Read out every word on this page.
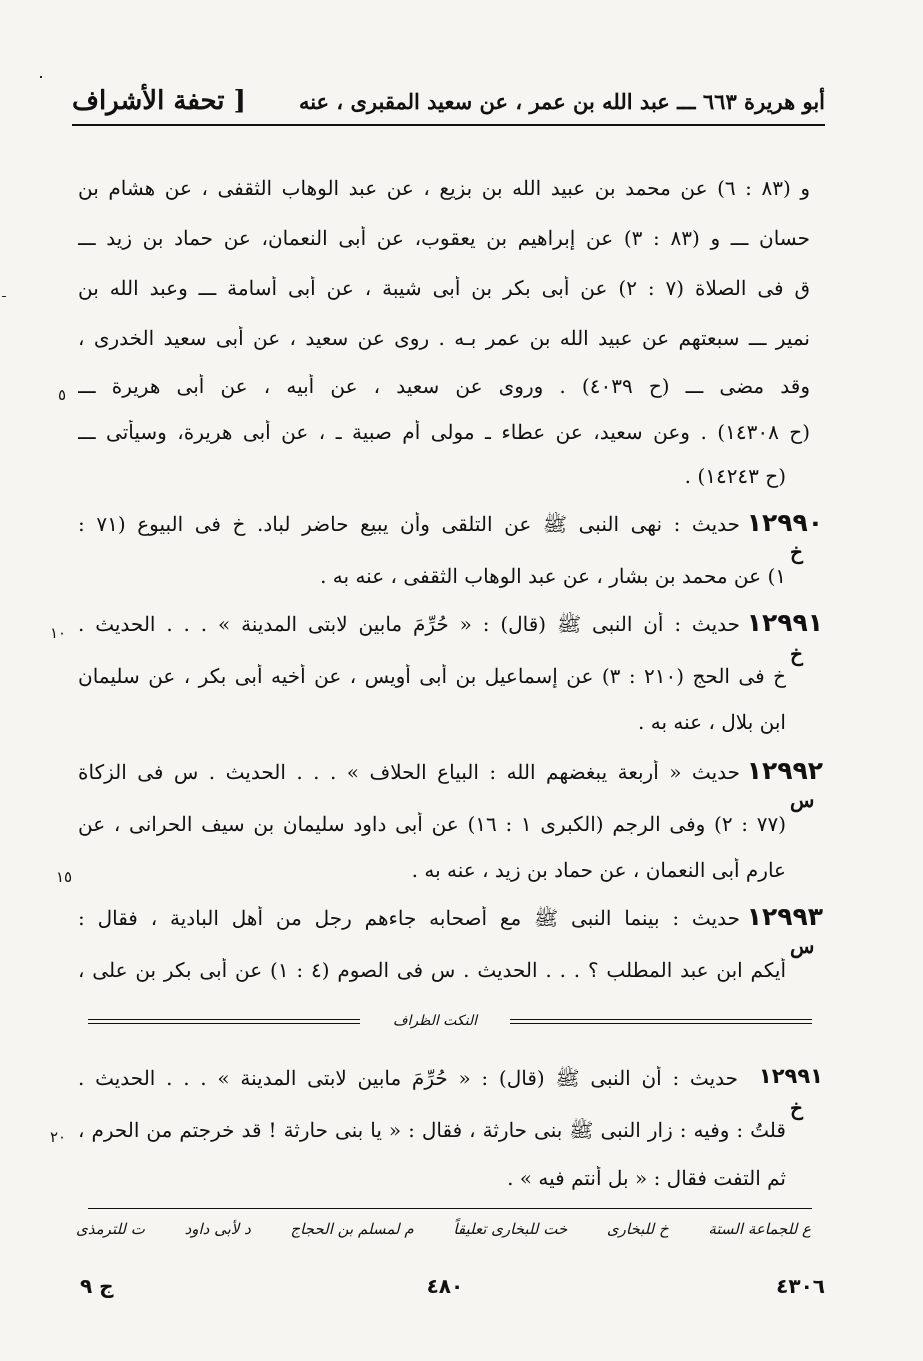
[ تحفة الأشراف	أبو هريرة ٦٦٣ ـــ عبد الله بن عمر ، عن سعيد المقبرى ، عنه
و (٨٣ : ٦) عن محمد بن عبيد الله بن بزيع ، عن عبد الوهاب الثقفى ، عن هشام بن
حسان ـــ و (٨٣ : ٣) عن إبراهيم بن يعقوب، عن أبى النعمان، عن حماد بن زيد ـــ
ق فى الصلاة (٧ : ٢) عن أبى بكر بن أبى شيبة ، عن أبى أسامة ـــ وعبد الله بن
نمير ـــ سبعتهم عن عبيد الله بن عمر بـه . روى عن سعيد ، عن أبى سعيد الخدرى ،
وقد مضى ـــ (ح ٤٠٣٩) . وروى عن سعيد ، عن أبيه ، عن أبى هريرة ـــ
(ح ١٤٣٠٨) . وعن سعيد، عن عطاء ـ مولى أم صبية ـ ، عن أبى هريرة، وسيأتى ـــ
(ح ١٤٢٤٣) .
٥
حديث : نهى النبى ﷺ عن التلقى وأن يبيع حاضر لباد. خ فى البيوع (٧١ : ١٢٩٩٠
خ
١) عن محمد بن بشار ، عن عبد الوهاب الثقفى ، عنه به .
حديث : أن النبى ﷺ (قال) : « حُرِّمَ مابين لابتى المدينة » . . . الحديث . ١٢٩٩١
خ
١٠
خ فى الحج (٢١٠ : ٣) عن إسماعيل بن أبى أويس ، عن أخيه أبى بكر ، عن سليمان
ابن بلال ، عنه به .
حديث « أربعة يبغضهم الله : البياع الحلاف » . . . الحديث . س فى الزكاة ١٢٩٩٢
س
(٧٧ : ٢) وفى الرجم (الكبرى ١ : ١٦) عن أبى داود سليمان بن سيف الحرانى ، عن
عارم أبى النعمان ، عن حماد بن زيد ، عنه به .
١٥
حديث : بينما النبى ﷺ مع أصحابه جاءهم رجل من أهل البادية ، فقال : ١٢٩٩٣
س
أيكم ابن عبد المطلب ؟ . . . الحديث . س فى الصوم (٤ : ١) عن أبى بكر بن على ،
النكت الظراف
حديث : أن النبى ﷺ (قال) : « حُرِّمَ مابين لابتى المدينة » . . . الحديث . ١٢٩٩١
خ
قلتُ : وفيه : زار النبى ﷺ بنى حارثة ، فقال : « يا بنى حارثة ! قد خرجتم من الحرم ،
٢٠
ثم التفت فقال : « بل أنتم فيه » .
ع للجماعة الستة
خ للبخارى
خت للبخارى تعليقاً
م لمسلم بن الحجاج
د لأبى داود
ت للترمذى
ج ٩	٤٨٠	٤٣٠٦
